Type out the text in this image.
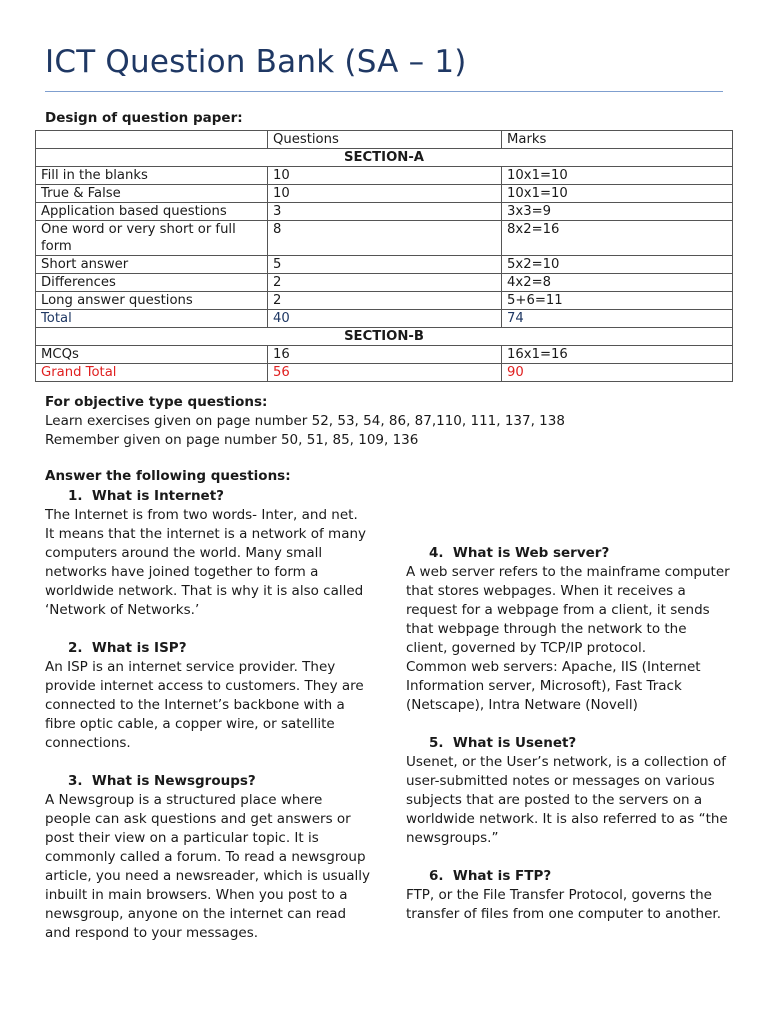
ICT Question Bank (SA – 1)
Design of question paper:
	Questions	Marks
SECTION-A		
Fill in the blanks	10	10x1=10
True & False	10	10x1=10
Application based questions	3	3x3=9
One word or very short or full form	8	8x2=16
Short answer	5	5x2=10
Differences	2	4x2=8
Long answer questions	2	5+6=11
Total	40	74
SECTION-B		
MCQs	16	16x1=16
Grand Total	56	90
For objective type questions:
Learn exercises given on page number 52, 53, 54, 86, 87,110, 111, 137, 138
Remember given on page number 50, 51, 85, 109, 136
Answer the following questions:
1.  What is Internet?

The Internet is from two words- Inter, and net. It means that the internet is a network of many computers around the world. Many small networks have joined together to form a worldwide network. That is why it is also called ‘Network of Networks.’

2.  What is ISP?

An ISP is an internet service provider. They provide internet access to customers. They are connected to the Internet’s backbone with a fibre optic cable, a copper wire, or satellite connections.

3.  What is Newsgroups?

A Newsgroup is a structured place where people can ask questions and get answers or post their view on a particular topic. It is commonly called a forum. To read a newsgroup article, you need a newsreader, which is usually inbuilt in main browsers. When you post to a newsgroup, anyone on the internet can read and respond to your messages.

4.  What is Web server?

A web server refers to the mainframe computer that stores webpages. When it receives a request for a webpage from a client, it sends that webpage through the network to the client, governed by TCP/IP protocol.

Common web servers: Apache, IIS (Internet Information server, Microsoft), Fast Track (Netscape), Intra Netware (Novell)

5.  What is Usenet?

Usenet, or the User’s network, is a collection of user-submitted notes or messages on various subjects that are posted to the servers on a worldwide network. It is also referred to as “the newsgroups.”

6.  What is FTP?

FTP, or the File Transfer Protocol, governs the transfer of files from one computer to another.
